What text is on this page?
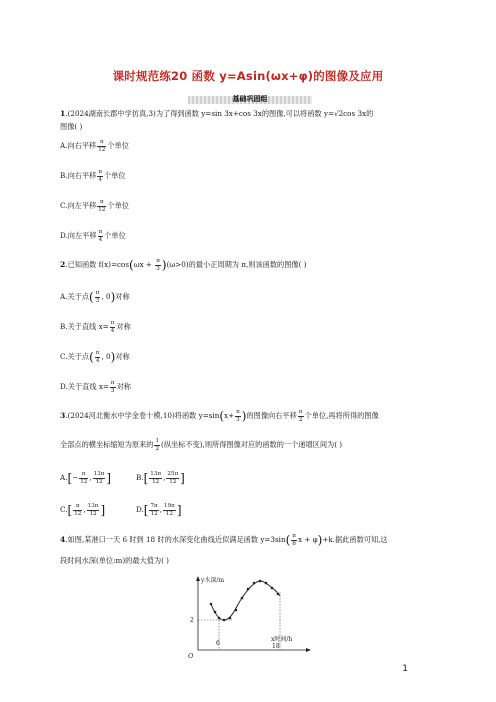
课时规范练20 函数 y=Asin(ωx+φ)的图像及应用
基础巩固组
1.(2024湖南长郡中学仿真,3)为了得到函数 y=sin 3x+cos 3x的图像,可以将函数 y=√2cos 3x的
图像( )
A.向右平移 $\frac{\pi}{12}$ 个单位
B.向右平移 $\frac{\pi}{4}$ 个单位
C.向左平移 $\frac{\pi}{12}$ 个单位
D.向左平移 $\frac{\pi}{4}$ 个单位
2.已知函数 $f(x)=\cos(\omega x + \frac{\pi}{3} )(\omega>0)$的最小正周期为 π,则该函数的图像( )
A.关于点( $\frac{\pi}{3}$ , 0)对称
B.关于直线 $x= \frac{\pi}{4}$ 对称
C.关于点( $\frac{\pi}{4}$ , 0)对称
D.关于直线 $x= \frac{\pi}{3}$ 对称
3.(2024河北衡水中学金卷十模,10)将函数 $y=\sin(x+ \frac{\pi}{3}$ )的图像向右平移 $\frac{\pi}{2}$ 个单位,再将所得的图像
全部点的横坐标缩短为原来的 $\frac{1}{2}$ (纵坐标不变),则所得图像对应的函数的一个递增区间为( )
$A.[- \frac{\pi}{12}$ , $\frac{13\pi}{12}$ ]	$B.[ \frac{13\pi}{12}$ , $\frac{25\pi}{12}$ ]
$C.[ \frac{\pi}{12}$ , $\frac{13\pi}{12}$ ]	$D.[ \frac{7\pi}{12}$ , $\frac{19\pi}{12}$ ]
4.如图,某港口一天 6 时到 18 时的水深变化曲线近似满足函数 $y=3\sin( \frac{\pi}{6}$ x + φ)+k.据此函数可知,这
段时间水深(单位:m)的最大值为( )
y水深/m
x时间/h
O
2
6	18
1
